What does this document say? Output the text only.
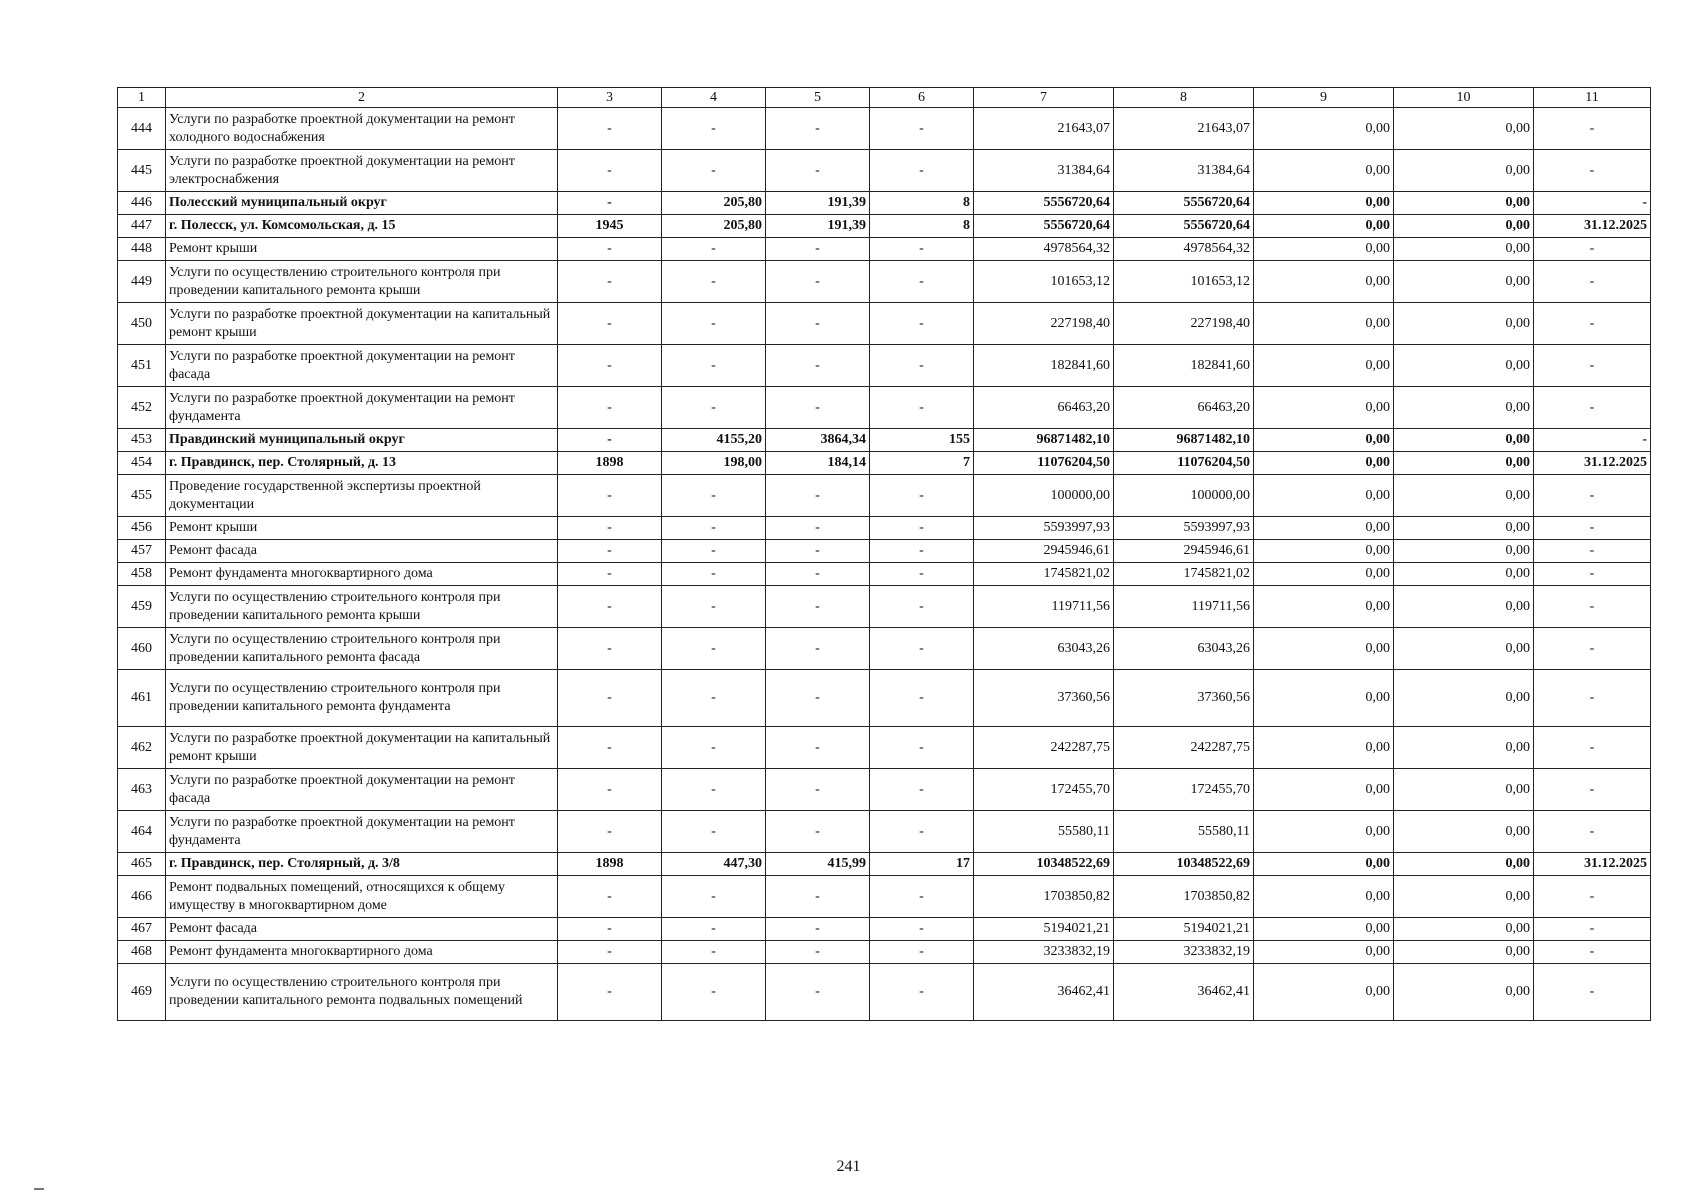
1	2	3	4	5	6	7	8	9	10	11
444	Услуги по разработке проектной документации на ремонт холодного водоснабжения	-	-	-	-	21643,07	21643,07	0,00	0,00	-
445	Услуги по разработке проектной документации на ремонт электроснабжения	-	-	-	-	31384,64	31384,64	0,00	0,00	-
446	Полесский муниципальный округ	-	205,80	191,39	8	5556720,64	5556720,64	0,00	0,00	-
447	г. Полесск, ул. Комсомольская, д. 15	1945	205,80	191,39	8	5556720,64	5556720,64	0,00	0,00	31.12.2025
448	Ремонт крыши	-	-	-	-	4978564,32	4978564,32	0,00	0,00	-
449	Услуги по осуществлению строительного контроля при проведении капитального ремонта крыши	-	-	-	-	101653,12	101653,12	0,00	0,00	-
450	Услуги по разработке проектной документации на капитальный ремонт крыши	-	-	-	-	227198,40	227198,40	0,00	0,00	-
451	Услуги по разработке проектной документации на ремонт фасада	-	-	-	-	182841,60	182841,60	0,00	0,00	-
452	Услуги по разработке проектной документации на ремонт фундамента	-	-	-	-	66463,20	66463,20	0,00	0,00	-
453	Правдинский муниципальный округ	-	4155,20	3864,34	155	96871482,10	96871482,10	0,00	0,00	-
454	г. Правдинск, пер. Столярный, д. 13	1898	198,00	184,14	7	11076204,50	11076204,50	0,00	0,00	31.12.2025
455	Проведение государственной экспертизы проектной документации	-	-	-	-	100000,00	100000,00	0,00	0,00	-
456	Ремонт крыши	-	-	-	-	5593997,93	5593997,93	0,00	0,00	-
457	Ремонт фасада	-	-	-	-	2945946,61	2945946,61	0,00	0,00	-
458	Ремонт фундамента многоквартирного дома	-	-	-	-	1745821,02	1745821,02	0,00	0,00	-
459	Услуги по осуществлению строительного контроля при проведении капитального ремонта крыши	-	-	-	-	119711,56	119711,56	0,00	0,00	-
460	Услуги по осуществлению строительного контроля при проведении капитального ремонта фасада	-	-	-	-	63043,26	63043,26	0,00	0,00	-
461	Услуги по осуществлению строительного контроля при проведении капитального ремонта фундамента	-	-	-	-	37360,56	37360,56	0,00	0,00	-
462	Услуги по разработке проектной документации на капитальный ремонт крыши	-	-	-	-	242287,75	242287,75	0,00	0,00	-
463	Услуги по разработке проектной документации на ремонт фасада	-	-	-	-	172455,70	172455,70	0,00	0,00	-
464	Услуги по разработке проектной документации на ремонт фундамента	-	-	-	-	55580,11	55580,11	0,00	0,00	-
465	г. Правдинск, пер. Столярный, д. 3/8	1898	447,30	415,99	17	10348522,69	10348522,69	0,00	0,00	31.12.2025
466	Ремонт подвальных помещений, относящихся к общему имуществу в многоквартирном доме	-	-	-	-	1703850,82	1703850,82	0,00	0,00	-
467	Ремонт фасада	-	-	-	-	5194021,21	5194021,21	0,00	0,00	-
468	Ремонт фундамента многоквартирного дома	-	-	-	-	3233832,19	3233832,19	0,00	0,00	-
469	Услуги по осуществлению строительного контроля при проведении капитального ремонта подвальных помещений	-	-	-	-	36462,41	36462,41	0,00	0,00	-
241
